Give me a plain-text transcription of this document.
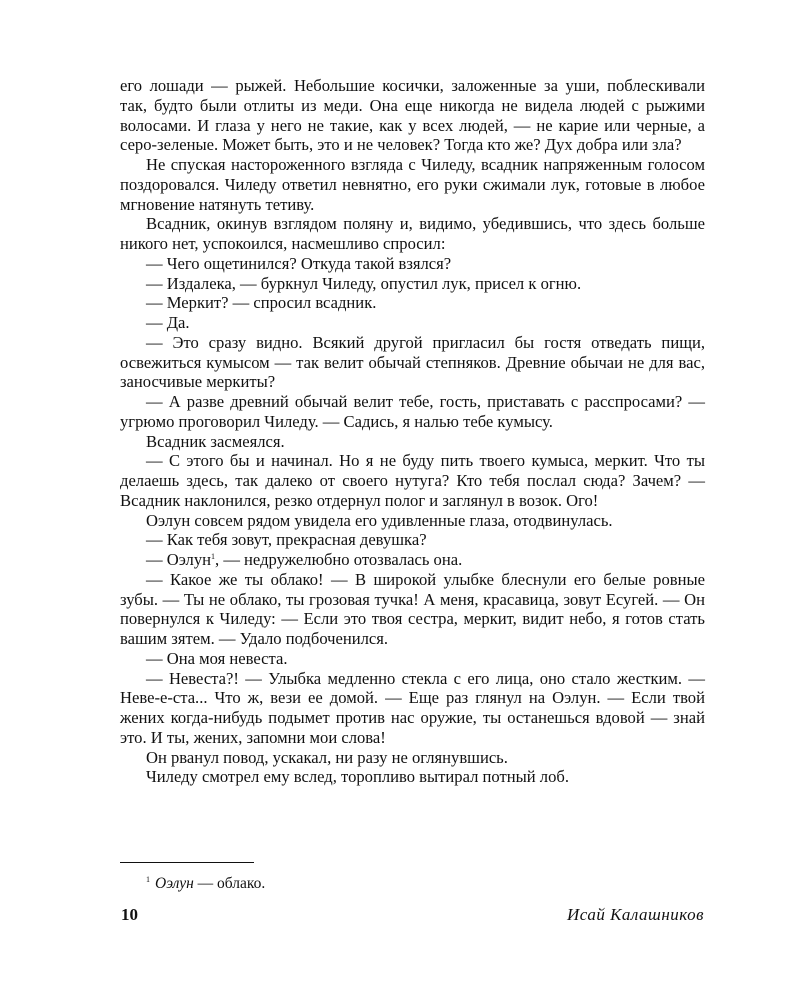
его лошади — рыжей. Небольшие косички, заложенные за уши, поблескивали так, будто были отлиты из меди. Она еще никогда не видела людей с рыжими волосами. И глаза у него не такие, как у всех людей, — не карие или черные, а серо-зеленые. Может быть, это и не человек? Тогда кто же? Дух добра или зла?

Не спуская настороженного взгляда с Чиледу, всадник напряженным голосом поздоровался. Чиледу ответил невнятно, его руки сжимали лук, готовые в любое мгновение натянуть тетиву.

Всадник, окинув взглядом поляну и, видимо, убедившись, что здесь больше никого нет, успокоился, насмешливо спросил:

— Чего ощетинился? Откуда такой взялся?

— Издалека, — буркнул Чиледу, опустил лук, присел к огню.

— Меркит? — спросил всадник.

— Да.

— Это сразу видно. Всякий другой пригласил бы гостя отведать пищи, освежиться кумысом — так велит обычай степняков. Древние обычаи не для вас, заносчивые меркиты?

— А разве древний обычай велит тебе, гость, приставать с расспросами? — угрюмо проговорил Чиледу. — Садись, я налью тебе кумысу.

Всадник засмеялся.

— С этого бы и начинал. Но я не буду пить твоего кумыса, меркит. Что ты делаешь здесь, так далеко от своего нутуга? Кто тебя послал сюда? Зачем? — Всадник наклонился, резко отдернул полог и заглянул в возок. Ого!

Оэлун совсем рядом увидела его удивленные глаза, отодвинулась.

— Как тебя зовут, прекрасная девушка?

— Оэлун$^1$, — недружелюбно отозвалась она.

— Какое же ты облако! — В широкой улыбке блеснули его белые ровные зубы. — Ты не облако, ты грозовая тучка! А меня, красавица, зовут Есугей. — Он повернулся к Чиледу: — Если это твоя сестра, меркит, видит небо, я готов стать вашим зятем. — Удало подбоченился.

— Она моя невеста.

— Невеста?! — Улыбка медленно стекла с его лица, оно стало жестким. — Неве-е-ста... Что ж, вези ее домой. — Еще раз глянул на Оэлун. — Если твой жених когда-нибудь подымет против нас оружие, ты останешься вдовой — знай это. И ты, жених, запомни мои слова!

Он рванул повод, ускакал, ни разу не оглянувшись.

Чиледу смотрел ему вслед, торопливо вытирал потный лоб.

$^1$ Оэлун — облако.
10	Исай Калашников
